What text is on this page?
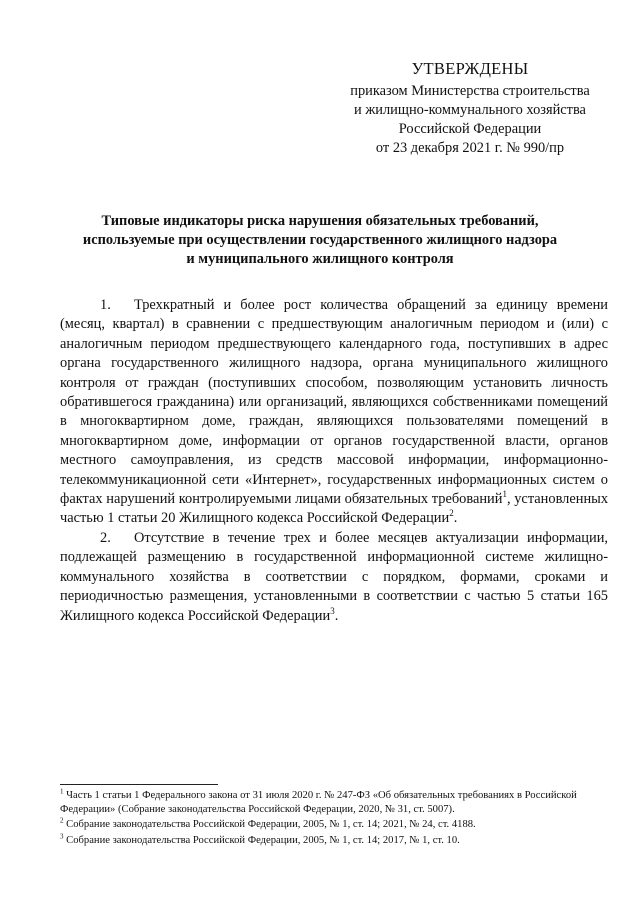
УТВЕРЖДЕНЫ
приказом Министерства строительства
и жилищно-коммунального хозяйства
Российской Федерации
от 23 декабря 2021 г. № 990/пр
Типовые индикаторы риска нарушения обязательных требований,
используемые при осуществлении государственного жилищного надзора
и муниципального жилищного контроля

1. Трехкратный и более рост количества обращений за единицу времени (месяц, квартал) в сравнении с предшествующим аналогичным периодом и (или) с аналогичным периодом предшествующего календарного года, поступивших в адрес органа государственного жилищного надзора, органа муниципального жилищного контроля от граждан (поступивших способом, позволяющим установить личность обратившегося гражданина) или организаций, являющихся собственниками помещений в многоквартирном доме, граждан, являющихся пользователями помещений в многоквартирном доме, информации от органов государственной власти, органов местного самоуправления, из средств массовой информации, информационно-телекоммуникационной сети «Интернет», государственных информационных систем о фактах нарушений контролируемыми лицами обязательных требований$^1$, установленных частью 1 статьи 20 Жилищного кодекса Российской Федерации$^2$.

2. Отсутствие в течение трех и более месяцев актуализации информации, подлежащей размещению в государственной информационной системе жилищно-коммунального хозяйства в соответствии с порядком, формами, сроками и периодичностью размещения, установленными в соответствии с частью 5 статьи 165 Жилищного кодекса Российской Федерации$^3$.

$^1$ Часть 1 статьи 1 Федерального закона от 31 июля 2020 г. № 247-ФЗ «Об обязательных требованиях в Российской Федерации» (Собрание законодательства Российской Федерации, 2020, № 31, ст. 5007).
$^2$ Собрание законодательства Российской Федерации, 2005, № 1, ст. 14; 2021, № 24, ст. 4188.
$^3$ Собрание законодательства Российской Федерации, 2005, № 1, ст. 14; 2017, № 1, ст. 10.
